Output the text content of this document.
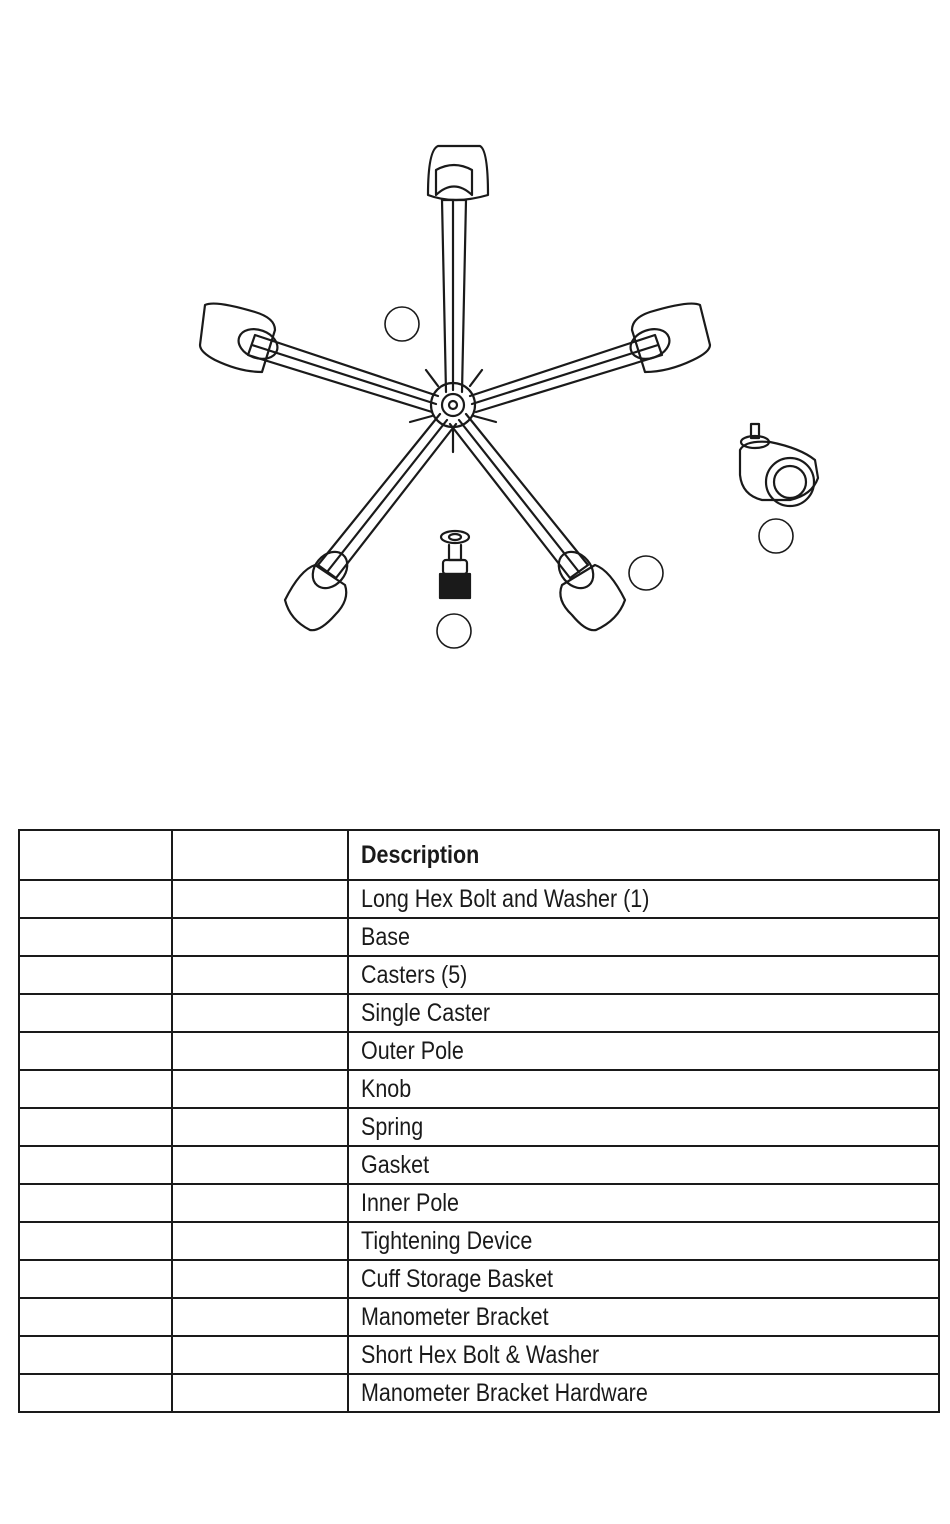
		Description
		Long Hex Bolt and Washer (1)
		Base
		Casters (5)
		Single Caster
		Outer Pole
		Knob
		Spring
		Gasket
		Inner Pole
		Tightening Device
		Cuff Storage Basket
		Manometer Bracket
		Short Hex Bolt & Washer
		Manometer Bracket Hardware
